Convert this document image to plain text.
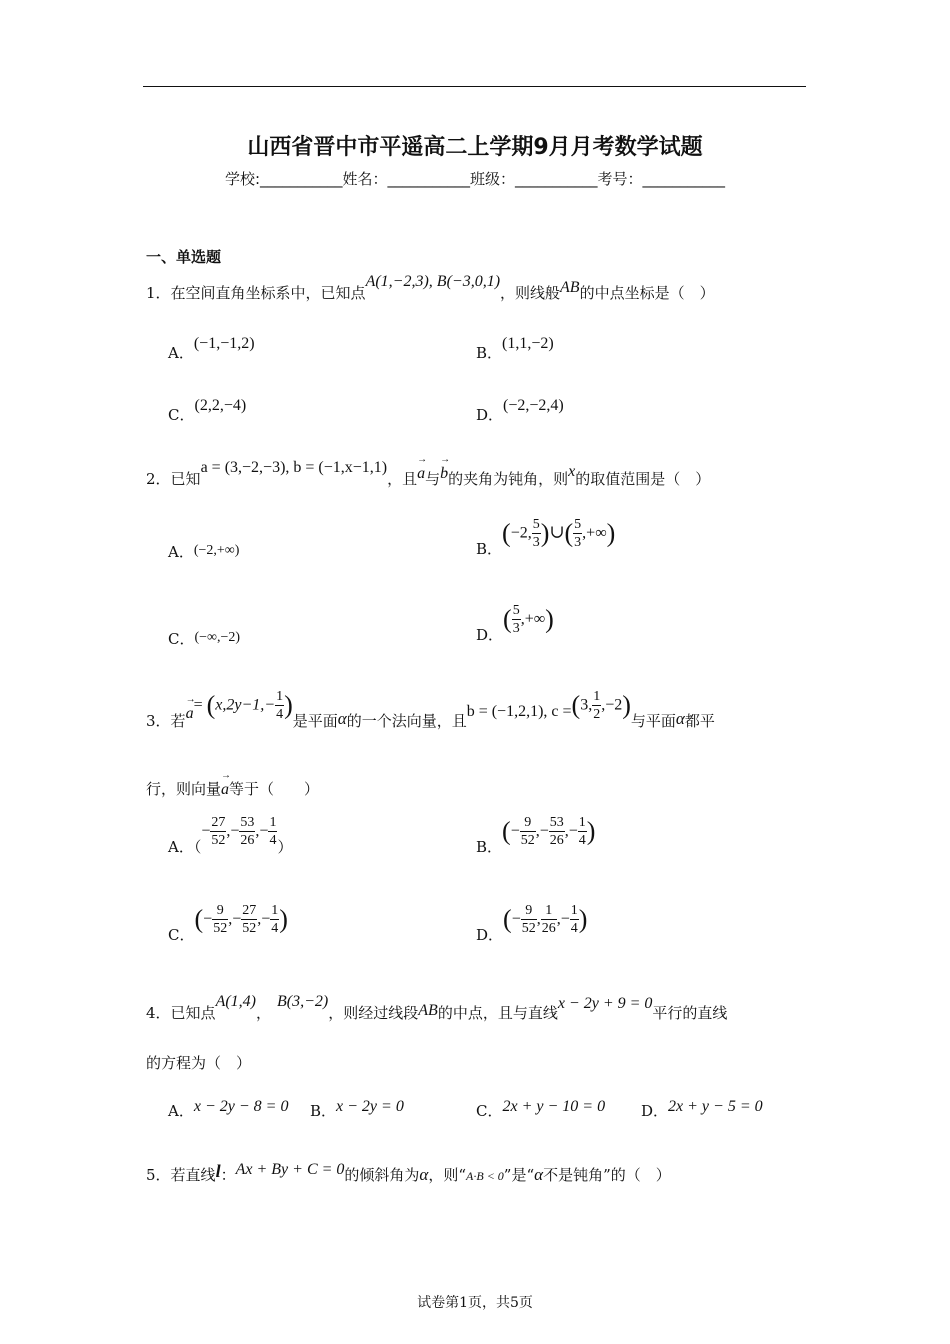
山西省晋中市平遥高二上学期9月月考数学试题
学校:___________姓名：___________班级：___________考号：___________
一、单选题
1．在空间直角坐标系中，已知点A(1,−2,3), B(−3,0,1)，则线般AB的中点坐标是（　）
A．(−1,−1,2)
B．(1,1,−2)
C．(2,2,−4)
D．(−2,−2,4)
2．已知a = (3,−2,−3), b = (−1,x−1,1)，且→ a与→ b的夹角为钝角，则x的取值范围是（　）
A．(−2,+∞)	B．(−2, $\frac{5}{3}$ )∪( $\frac{5}{3}$ ,+∞)
C．(−∞,−2)	D．( $\frac{5}{3}$ ,+∞)
3．若→ $a= (x,2y-1,- \frac{1}{4}$ )是平面α的一个法向量，且b = (−1,2,1), c =(3, $\frac{1}{2} ,-2$)与平面α都平
行，则向量→ a等于（　　）
A．（− $\frac{27}{52}$ ,− $\frac{53}{26}$ ,− $\frac{1}{4}$ ）	B．(− $\frac{9}{52}$ ,− $\frac{53}{26}$ ,− $\frac{1}{4}$ )
C．(− $\frac{9}{52}$ ,− $\frac{27}{52}$ ,− $\frac{1}{4}$ )
D．(− $\frac{9}{52}$ , $\frac{1}{26}$ ,− $\frac{1}{4}$ )
4．已知点A(1,4)，B(3,−2)，则经过线段AB的中点，且与直线x − 2y + 9 = 0平行的直线
的方程为（　）
A．x − 2y − 8 = 0 B．x − 2y = 0	C．2x + y − 10 = 0 D．2x + y − 5 = 0
5．若直线l：Ax + By + C = 0的倾斜角为α，则“A·B < 0”是“α不是钝角”的（　）
试卷第1页，共5页
